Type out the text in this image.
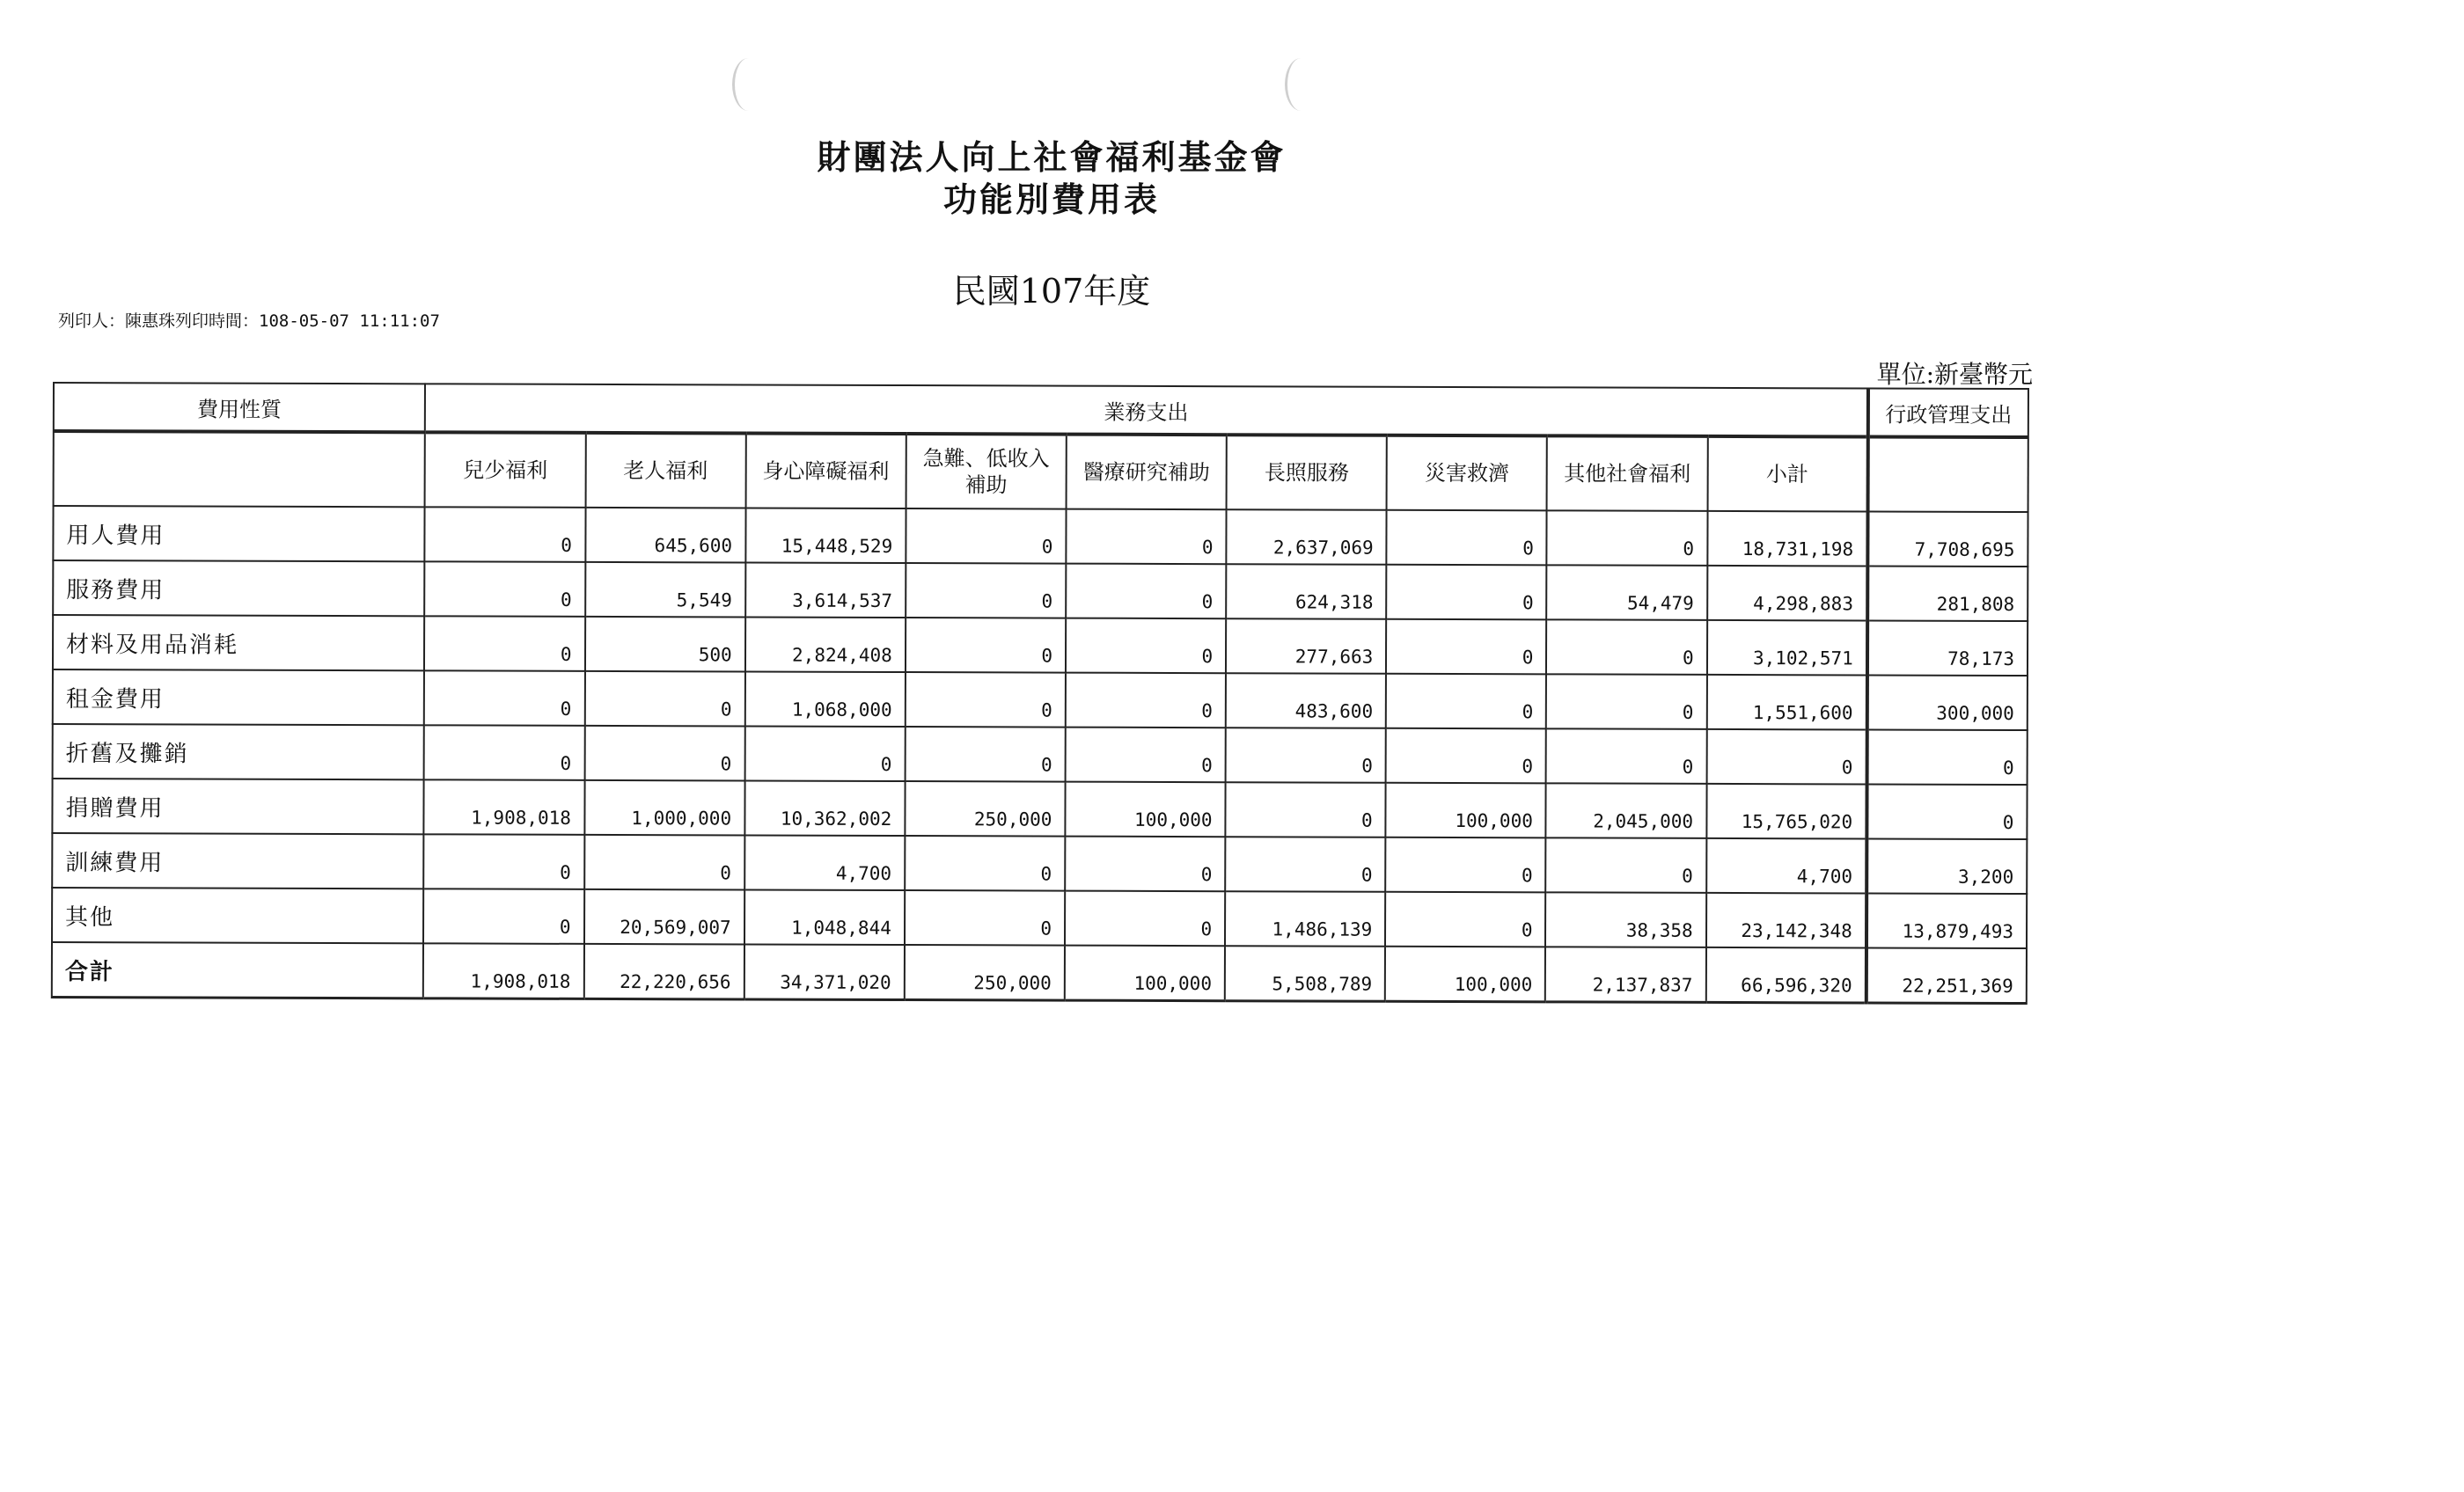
財團法人向上社會福利基金會
功能別費用表
民國107年度
列印人：陳惠珠列印時間：108-05-07 11:11:07
單位:新臺幣元
費用性質	業務支出									行政管理支出
	兒少福利	老人福利	身心障礙福利	急難、低收入補助	醫療研究補助	長照服務	災害救濟	其他社會福利	小計	
用人費用	0	645,600	15,448,529	0	0	2,637,069	0	0	18,731,198	7,708,695
服務費用	0	5,549	3,614,537	0	0	624,318	0	54,479	4,298,883	281,808
材料及用品消耗	0	500	2,824,408	0	0	277,663	0	0	3,102,571	78,173
租金費用	0	0	1,068,000	0	0	483,600	0	0	1,551,600	300,000
折舊及攤銷	0	0	0	0	0	0	0	0	0	0
捐贈費用	1,908,018	1,000,000	10,362,002	250,000	100,000	0	100,000	2,045,000	15,765,020	0
訓練費用	0	0	4,700	0	0	0	0	0	4,700	3,200
其他	0	20,569,007	1,048,844	0	0	1,486,139	0	38,358	23,142,348	13,879,493
合計	1,908,018	22,220,656	34,371,020	250,000	100,000	5,508,789	100,000	2,137,837	66,596,320	22,251,369
